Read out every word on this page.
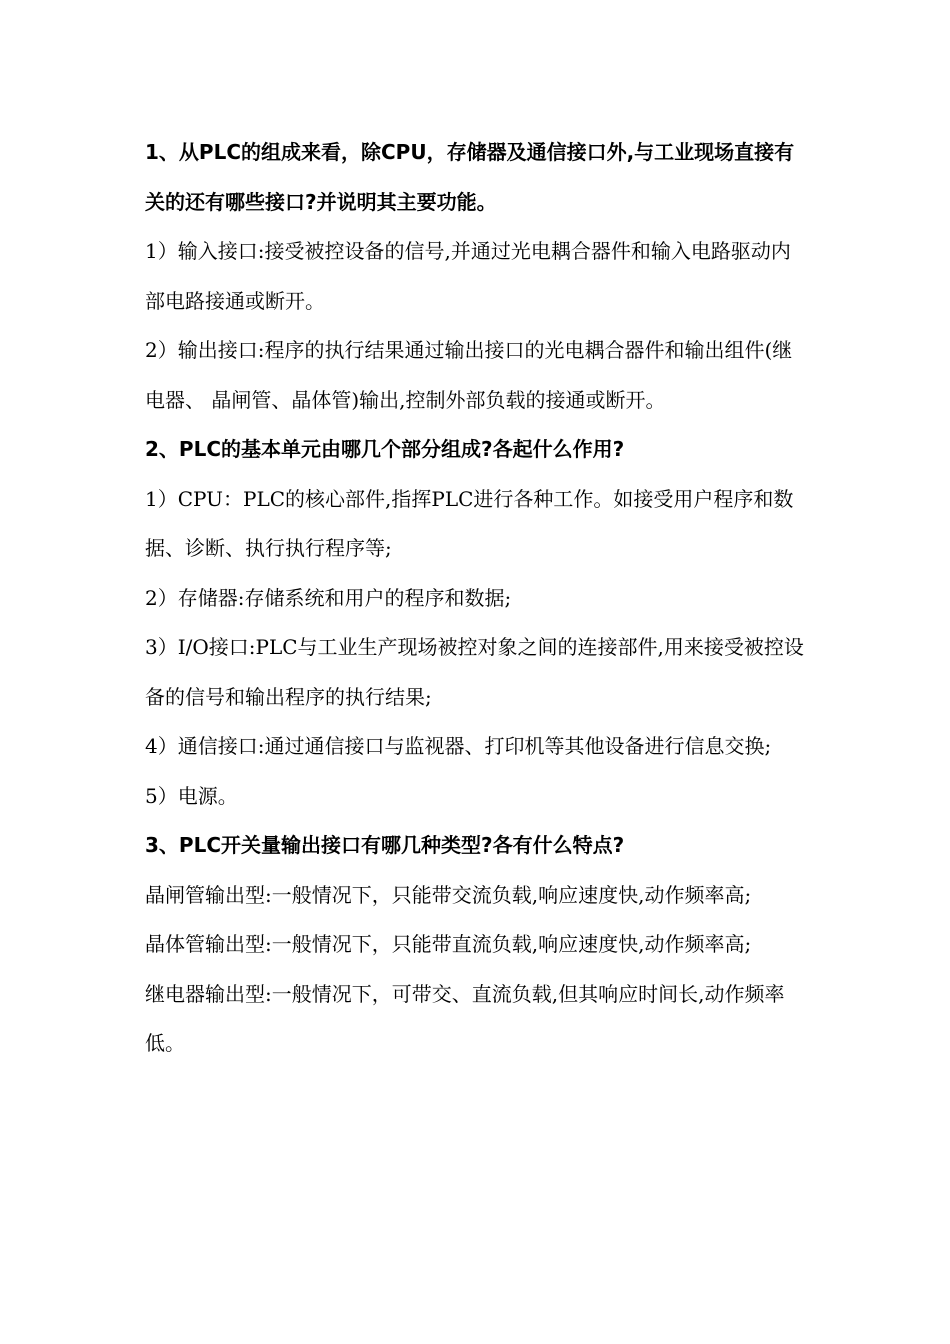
1、从PLC的组成来看，除CPU，存储器及通信接口外,与工业现场直接有关的还有哪些接口?并说明其主要功能。

1）输入接口:接受被控设备的信号,并通过光电耦合器件和输入电路驱动内部电路接通或断开。

2）输出接口:程序的执行结果通过输出接口的光电耦合器件和输出组件(继电器、 晶闸管、晶体管)输出,控制外部负载的接通或断开。

2、PLC的基本单元由哪几个部分组成?各起什么作用?

1）CPU：PLC的核心部件,指挥PLC进行各种工作。如接受用户程序和数据、诊断、执行执行程序等;

2）存储器:存储系统和用户的程序和数据;

3）I/O接口:PLC与工业生产现场被控对象之间的连接部件,用来接受被控设备的信号和输出程序的执行结果;

4）通信接口:通过通信接口与监视器、打印机等其他设备进行信息交换;

5）电源。

3、PLC开关量输出接口有哪几种类型?各有什么特点?

晶闸管输出型:一般情况下，只能带交流负载,响应速度快,动作频率高;

晶体管输出型:一般情况下，只能带直流负载,响应速度快,动作频率高;

继电器输出型:一般情况下，可带交、直流负载,但其响应时间长,动作频率低。
